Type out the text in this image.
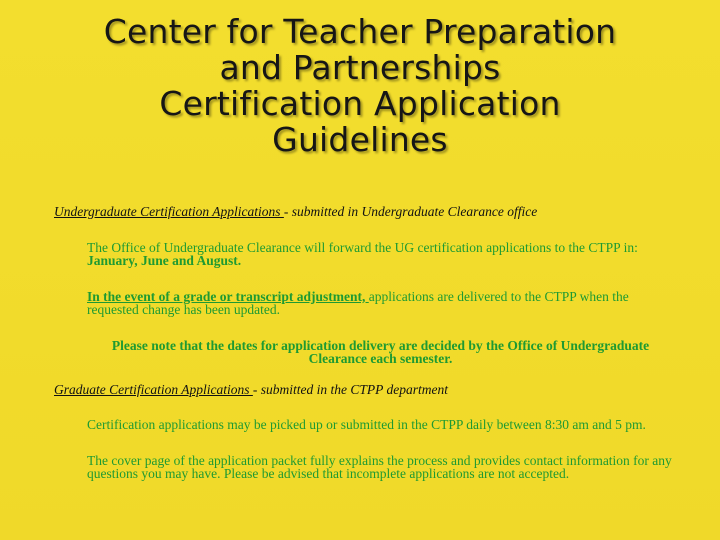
Center for Teacher Preparation
and Partnerships
Certification Application
Guidelines

Undergraduate Certification Applications - submitted in Undergraduate Clearance office

The Office of Undergraduate Clearance will forward the UG certification applications to the CTPP in: January, June and August.

In the event of a grade or transcript adjustment, applications are delivered to the CTPP when the requested change has been updated.

Please note that the dates for application delivery are decided by the Office of Undergraduate Clearance each semester.

Graduate Certification Applications - submitted in the CTPP department

Certification applications may be picked up or submitted in the CTPP daily between 8:30 am and 5 pm.

The cover page of the application packet fully explains the process and provides contact information for any questions you may have. Please be advised that incomplete applications are not accepted.
